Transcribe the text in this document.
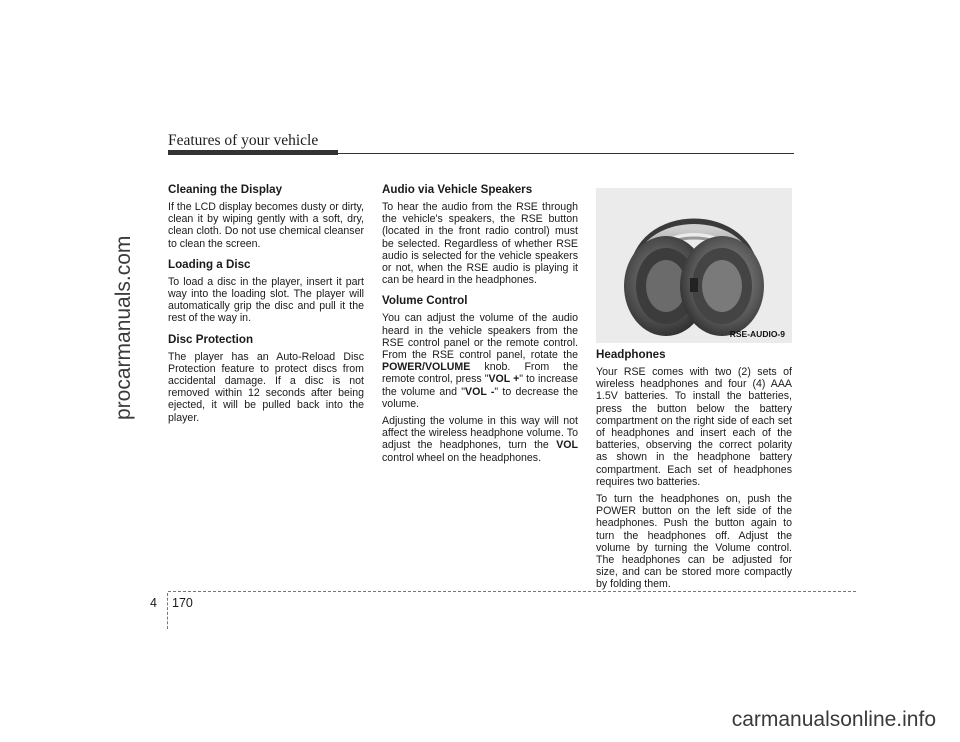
Features of your vehicle
procarmanuals.com
Cleaning the Display

If the LCD display becomes dusty or dirty, clean it by wiping gently with a soft, dry, clean cloth. Do not use chemical cleanser to clean the screen.

Loading a Disc

To load a disc in the player, insert it part way into the loading slot. The player will automatically grip the disc and pull it the rest of the way in.

Disc Protection

The player has an Auto-Reload Disc Protection feature to protect discs from accidental damage. If a disc is not removed within 12 seconds after being ejected, it will be pulled back into the player.

Audio via Vehicle Speakers

To hear the audio from the RSE through the vehicle's speakers, the RSE button (located in the front radio control) must be selected. Regardless of whether RSE audio is selected for the vehicle speakers or not, when the RSE audio is playing it can be heard in the headphones.

Volume Control

You can adjust the volume of the audio heard in the vehicle speakers from the RSE control panel or the remote control. From the RSE control panel, rotate the POWER/VOLUME knob. From the remote control, press "VOL +" to increase the volume and "VOL -" to decrease the volume.

Adjusting the volume in this way will not affect the wireless headphone volume. To adjust the headphones, turn the VOL control wheel on the headphones.

RSE-AUDIO-9
Headphones

Your RSE comes with two (2) sets of wireless headphones and four (4) AAA 1.5V batteries. To install the batteries, press the button below the battery compartment on the right side of each set of headphones and insert each of the batteries, observing the correct polarity as shown in the headphone battery compartment. Each set of headphones requires two batteries.

To turn the headphones on, push the POWER button on the left side of the headphones. Push the button again to turn the headphones off. Adjust the volume by turning the Volume control. The headphones can be adjusted for size, and can be stored more compactly by folding them.

4 170
carmanualsonline.info
